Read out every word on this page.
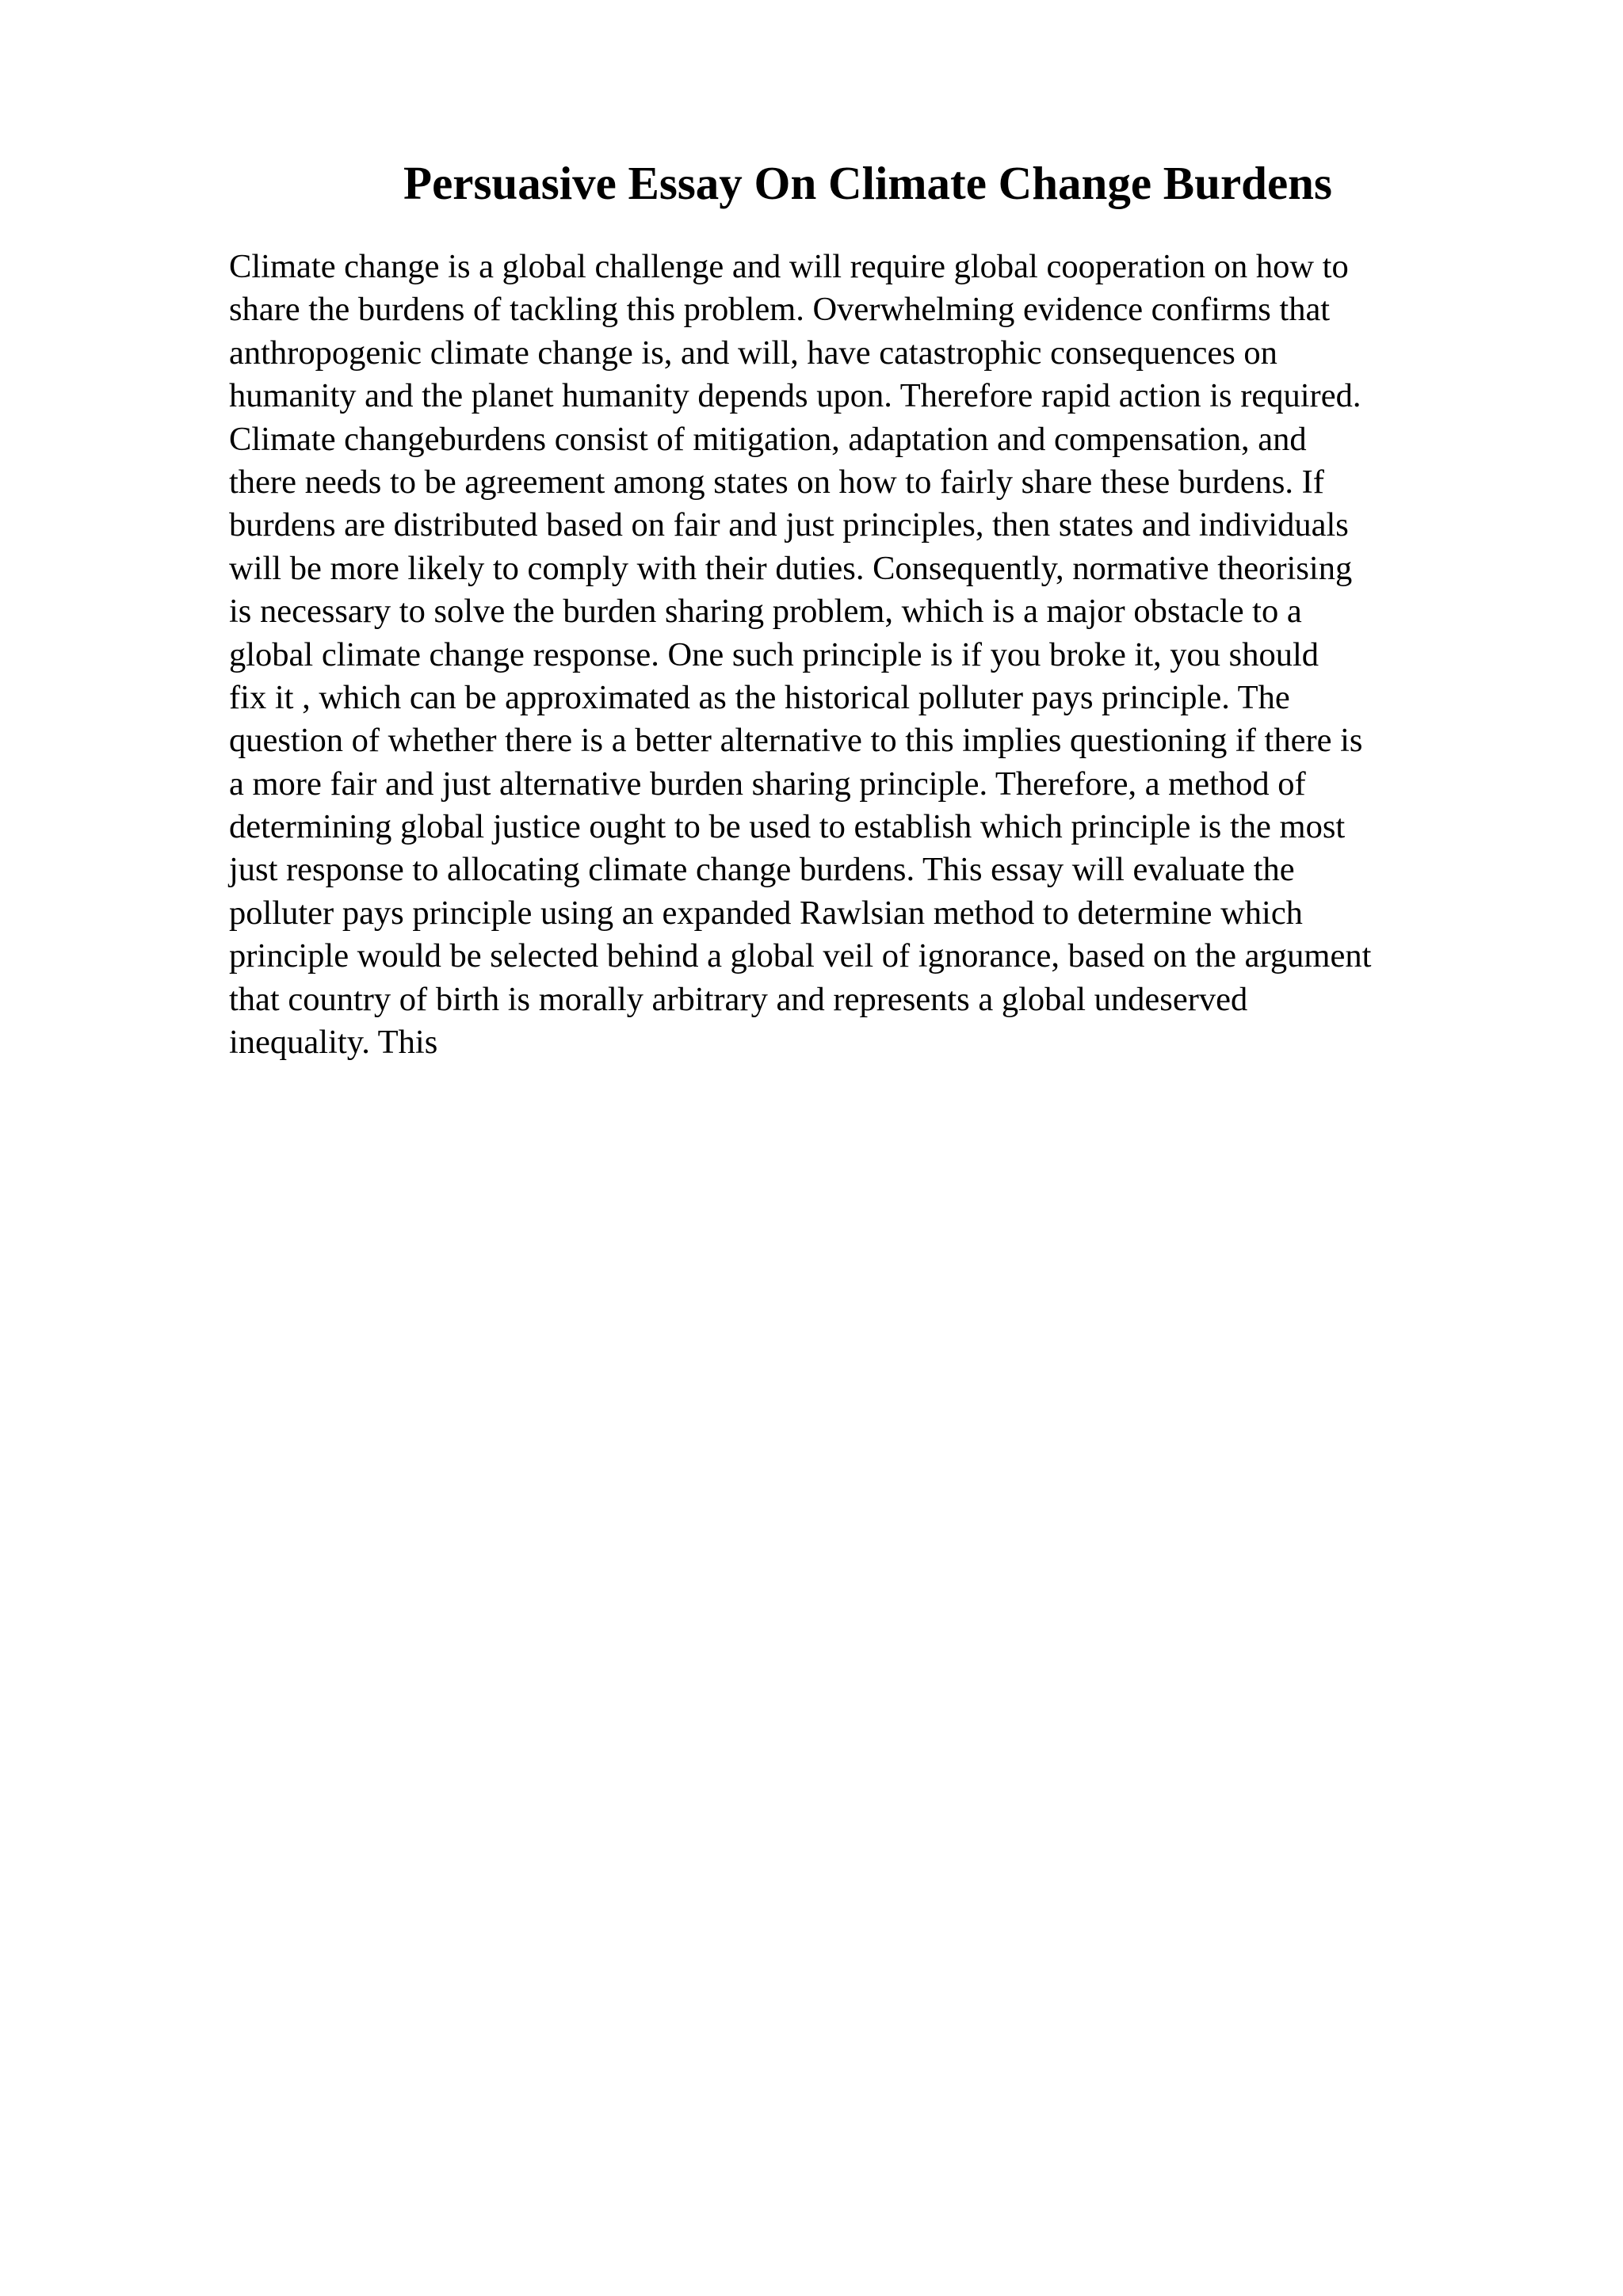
Persuasive Essay On Climate Change Burdens
Climate change is a global challenge and will require global cooperation on how to
share the burdens of tackling this problem. Overwhelming evidence confirms that
anthropogenic climate change is, and will, have catastrophic consequences on
humanity and the planet humanity depends upon. Therefore rapid action is required.
Climate changeburdens consist of mitigation, adaptation and compensation, and
there needs to be agreement among states on how to fairly share these burdens. If
burdens are distributed based on fair and just principles, then states and individuals
will be more likely to comply with their duties. Consequently, normative theorising
is necessary to solve the burden sharing problem, which is a major obstacle to a
global climate change response. One such principle is if you broke it, you should
fix it , which can be approximated as the historical polluter pays principle. The
question of whether there is a better alternative to this implies questioning if there is
a more fair and just alternative burden sharing principle. Therefore, a method of
determining global justice ought to be used to establish which principle is the most
just response to allocating climate change burdens. This essay will evaluate the
polluter pays principle using an expanded Rawlsian method to determine which
principle would be selected behind a global veil of ignorance, based on the argument
that country of birth is morally arbitrary and represents a global undeserved
inequality. This
